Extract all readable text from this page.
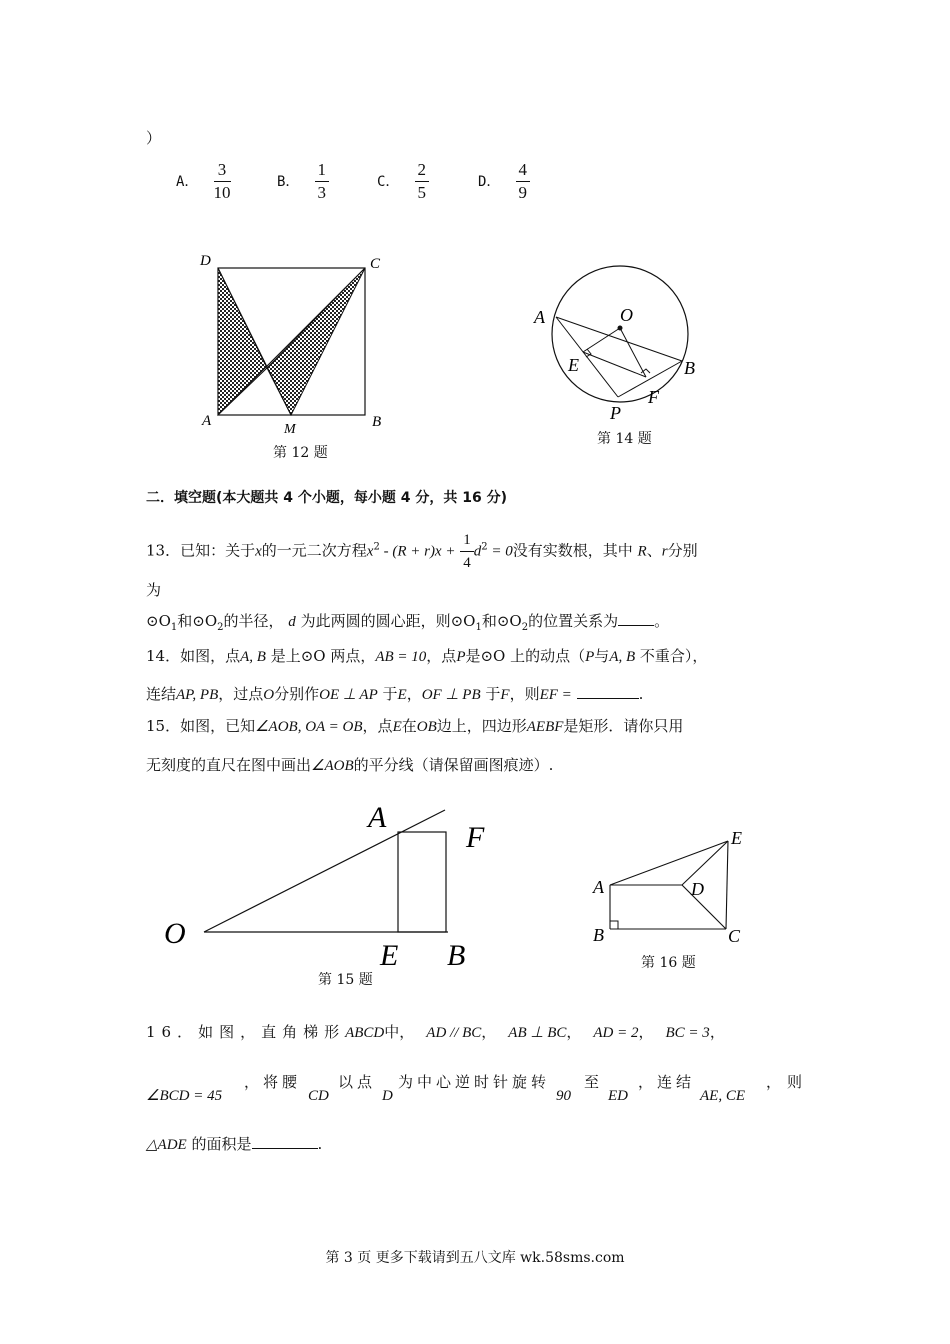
）
A． $\frac{3}{10}$	B． $\frac{1}{3}$	C． $\frac{2}{5}$	D． $\frac{4}{9}$
D	C
A
M	B
第 12 题
A	O
E	B
P
F
第 14 题
二．填空题(本大题共 4 个小题，每小题 4 分，共 16 分)
13．已知：关于x的一元二次方程$x^2 - (R + r)x + \frac{1}{4} d^2 = 0$没有实数根，其中 R、r分别
为
$⊙O_1$和$⊙O_2$的半径， d 为此两圆的圆心距，则$⊙O_1$和$⊙O_2$的位置关系为 。
14．如图，点A, B 是上⊙O 两点，AB = 10，点P是⊙O 上的动点（P与A, B 不重合），
连结AP, PB，过点O分别作OE ⊥ AP 于E，OF ⊥ PB 于F，则EF =	.
15．如图，已知∠AOB, OA = OB，点E在OB边上，四边形AEBF是矩形．请你只用
无刻度的直尺在图中画出∠AOB的平分线（请保留画图痕迹）.
A
F
O
E B
第 15 题
E
A	D
B	C
第 16 题
16．如图，直角梯形ABCD中， AD // BC， AB ⊥ BC， AD = 2， BC = 3，
∠BCD = 45
，将腰
CD
以点
D
为中心逆时针旋转
90
至
ED
，连结
AE, CE
，则
△ADE 的面积是	.
第 3 页 更多下载请到五八文库 wk.58sms.com
